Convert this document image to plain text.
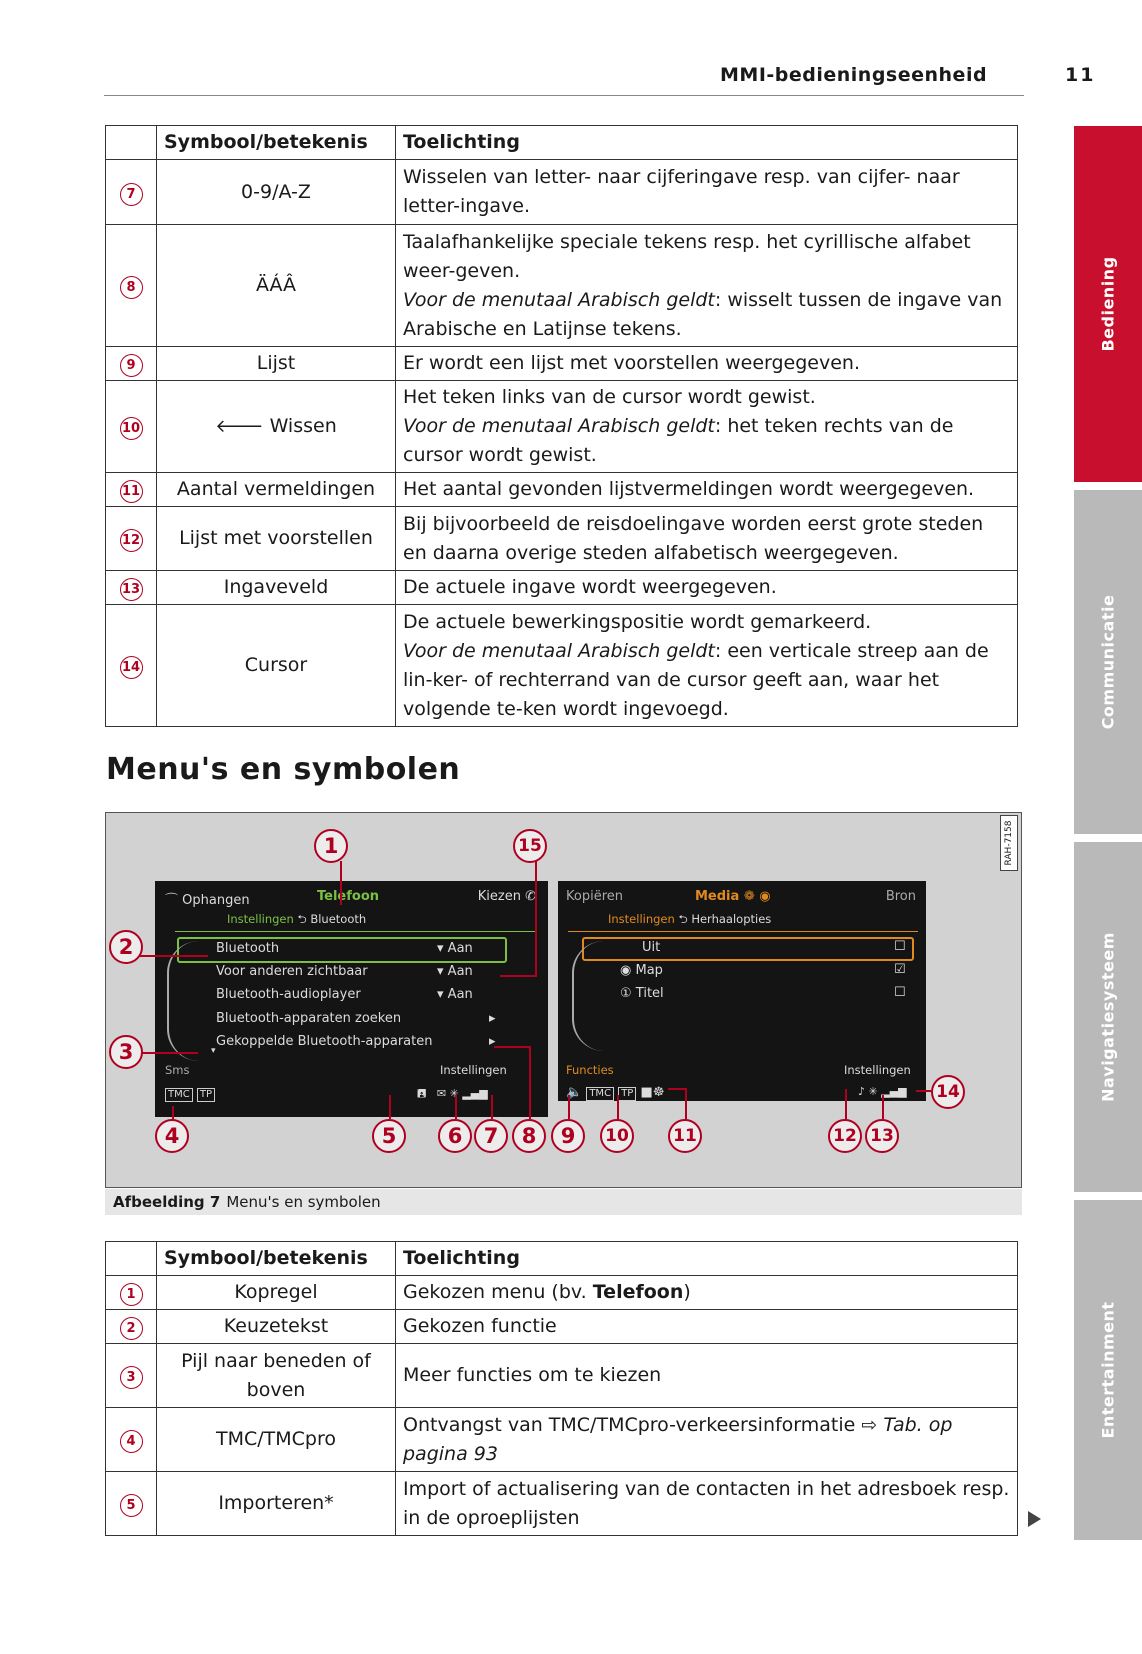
MMI-bedieningseenheid	11
	Symbool/betekenis	Toelichting
7	0-9/A-Z	Wisselen van letter- naar cijferingave resp. van cijfer- naar letter-ingave.
8	ÄÁÂ	Taalafhankelijke speciale tekens resp. het cyrillische alfabet weer-geven.
Voor de menutaal Arabisch geldt: wisselt tussen de ingave van Arabische en Latijnse tekens.
9	Lijst	Er wordt een lijst met voorstellen weergegeven.
10	🡐 Wissen	Het teken links van de cursor wordt gewist.
Voor de menutaal Arabisch geldt: het teken rechts van de cursor wordt gewist.
11	Aantal vermeldingen	Het aantal gevonden lijstvermeldingen wordt weergegeven.
12	Lijst met voorstellen	Bij bijvoorbeeld de reisdoelingave worden eerst grote steden en daarna overige steden alfabetisch weergegeven.
13	Ingaveveld	De actuele ingave wordt weergegeven.
14	Cursor	De actuele bewerkingspositie wordt gemarkeerd.
Voor de menutaal Arabisch geldt: een verticale streep aan de lin-ker- of rechterrand van de cursor geeft aan, waar het volgende te-ken wordt ingevoegd.
Menu's en symbolen
RAH-7158
⌒ Ophangen	Telefoon	Kiezen ✆
Instellingen ⮌ Bluetooth
Bluetooth	▾ Aan
Voor anderen zichtbaar	▾ Aan
Bluetooth-audioplayer	▾ Aan
Bluetooth-apparaten zoeken	▸
Gekoppelde Bluetooth-apparaten	▸
▾
Sms	Instellingen
TMC TP	🖪 ✉ ✳ ▂▄▆
Kopiëren	Media ❁ ◉	Bron
Instellingen ⮌ Herhaalopties
Uit	☐
◉ Map	☑
① Titel	☐
Functies	Instellingen
🔈 TMC TP ■☸	♪ ✳ ▂▄▆
1
2
3
4	5	6	7	8	9	10	11	12 13
14
15
Afbeelding 7 Menu's en symbolen
	Symbool/betekenis	Toelichting
1	Kopregel	Gekozen menu (bv. Telefoon)
2	Keuzetekst	Gekozen functie
3	Pijl naar beneden of boven	Meer functies om te kiezen
4	TMC/TMCpro	Ontvangst van TMC/TMCpro-verkeersinformatie ⇨ Tab. op pagina 93
5	Importeren*	Import of actualisering van de contacten in het adresboek resp. in de oproeplijsten
Bediening
Communicatie
Navigatiesysteem
Entertainment
